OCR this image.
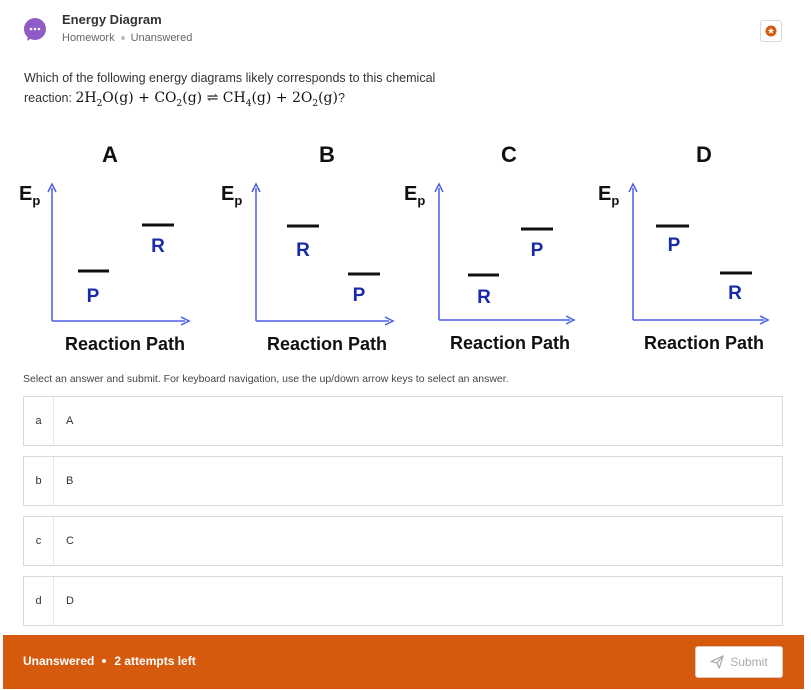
Energy Diagram
Homework Unanswered
Which of the following energy diagrams likely corresponds to this chemical
reaction: $2H_2O(g) + CO_2(g)$ ⇌ $CH_4(g) + 2O_2(g)$?
A
$E_p$
R
P
Reaction Path
B
$E_p$
R
P
Reaction Path
C
$E_p$
R
P
Reaction Path
D
$E_p$
P
R
Reaction Path
Select an answer and submit. For keyboard navigation, use the up/down arrow keys to select an answer.
a	A
b	B
c	C
d	D
Unanswered 2 attempts left	Submit
